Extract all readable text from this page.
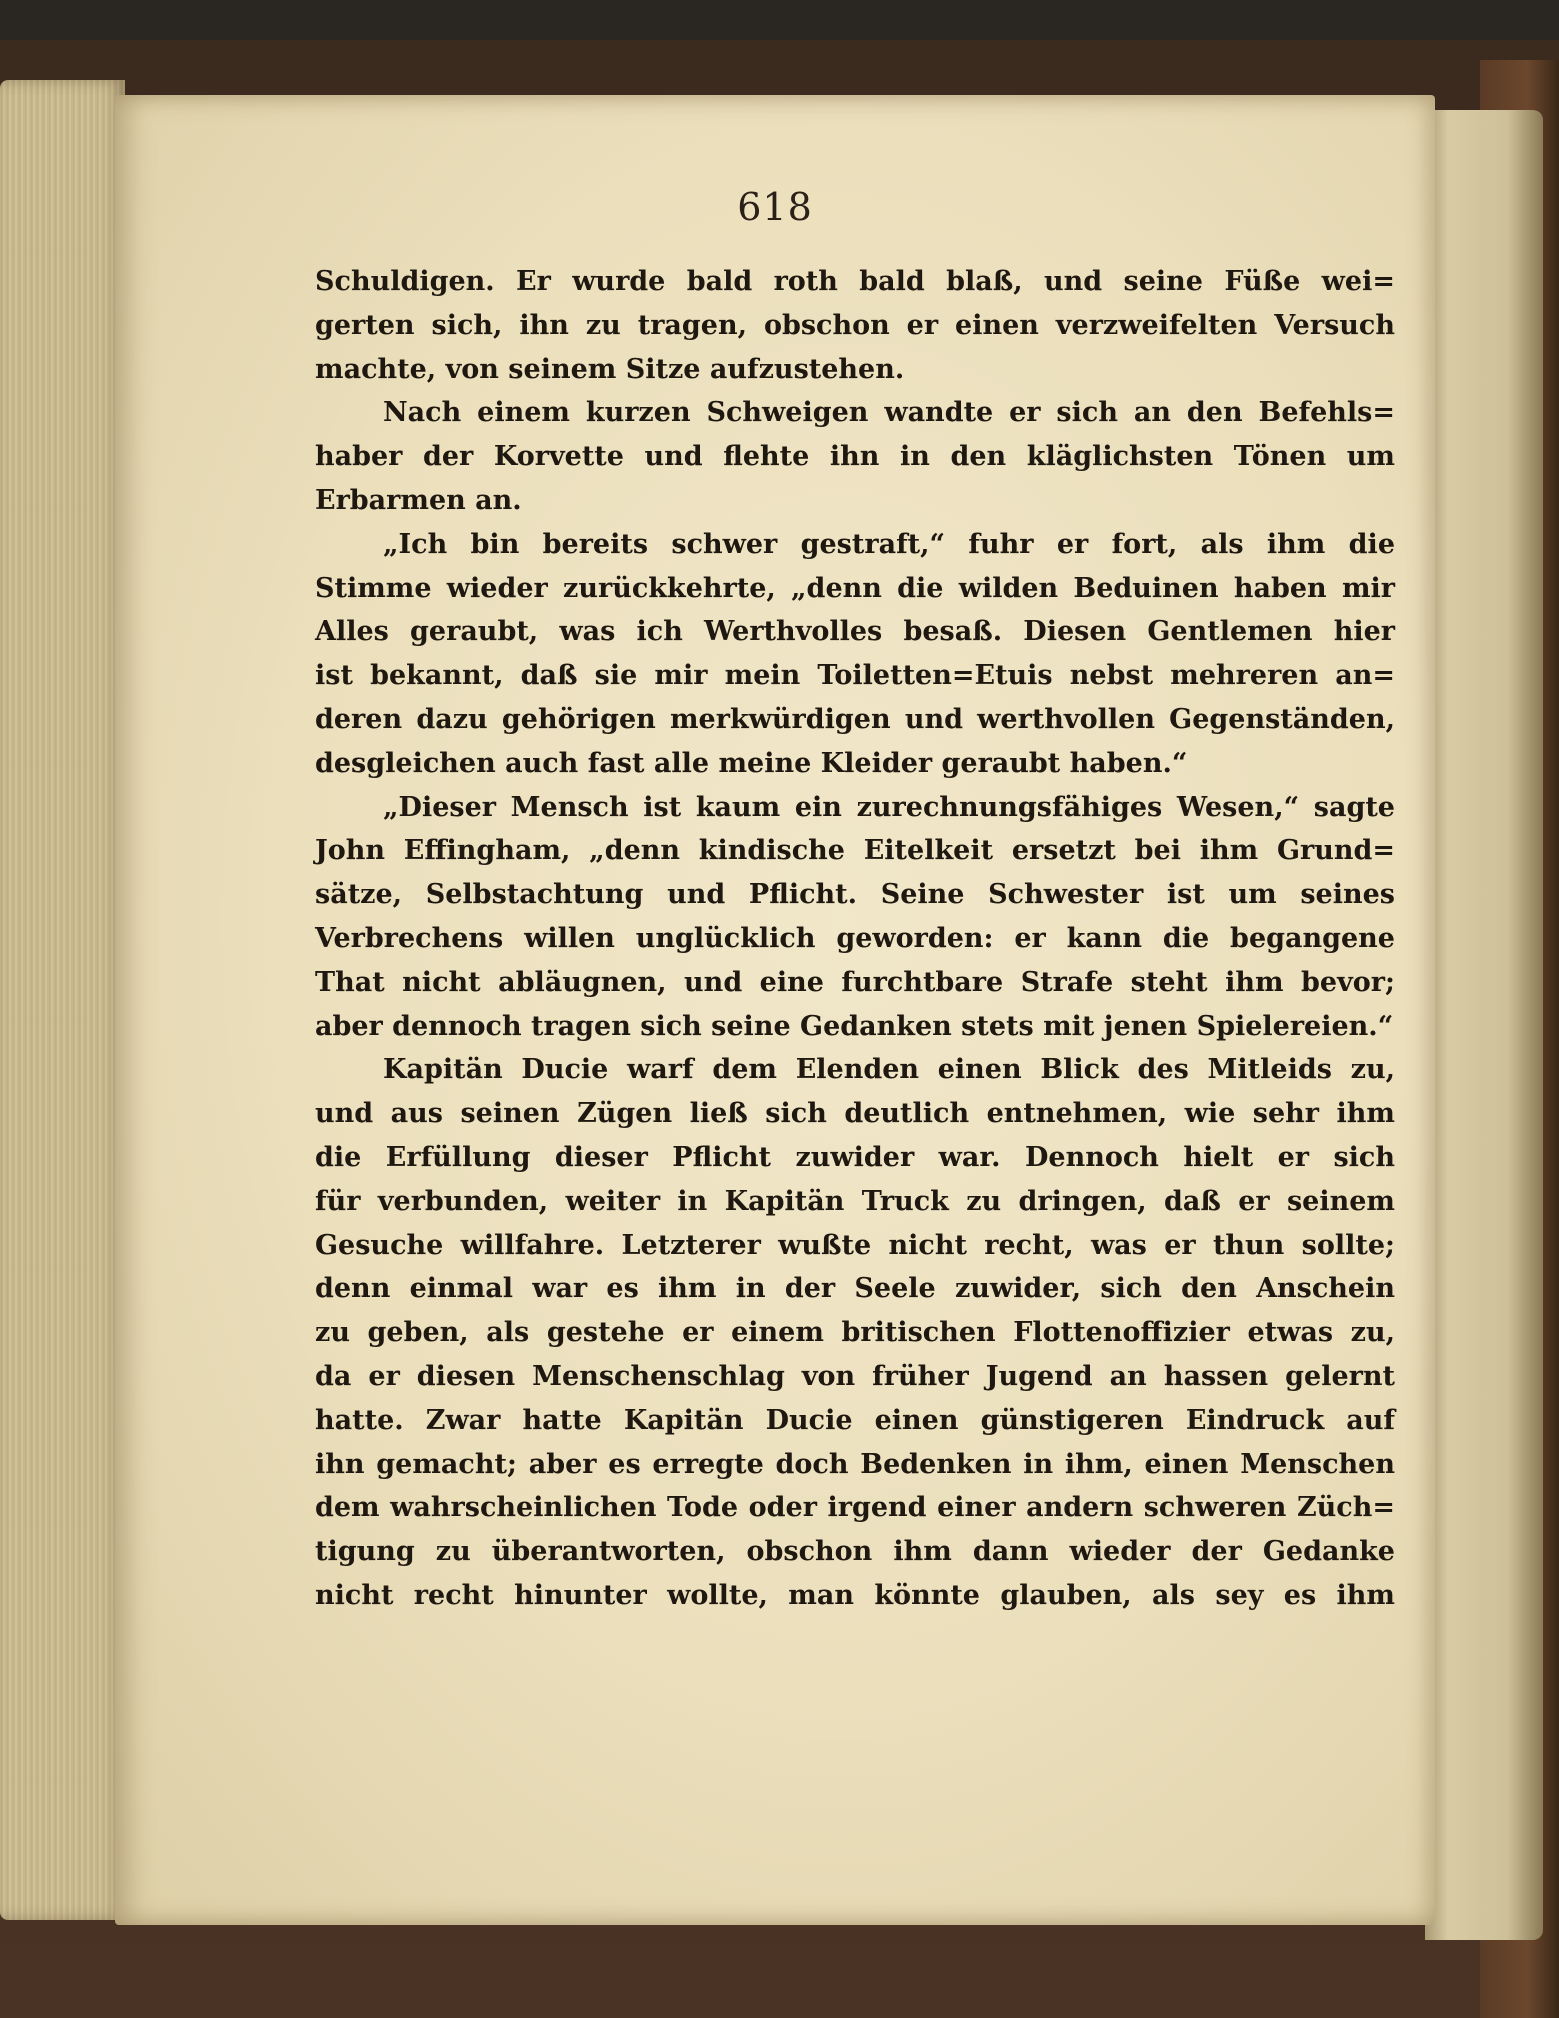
618
Schuldigen. Er wurde bald roth bald blaß, und seine Füße wei=
gerten sich, ihn zu tragen, obschon er einen verzweifelten Versuch
machte, von seinem Sitze aufzustehen.
Nach einem kurzen Schweigen wandte er sich an den Befehls=
haber der Korvette und flehte ihn in den kläglichsten Tönen um
Erbarmen an.
„Ich bin bereits schwer gestraft,“ fuhr er fort, als ihm die
Stimme wieder zurückkehrte, „denn die wilden Beduinen haben mir
Alles geraubt, was ich Werthvolles besaß. Diesen Gentlemen hier
ist bekannt, daß sie mir mein Toiletten=Etuis nebst mehreren an=
deren dazu gehörigen merkwürdigen und werthvollen Gegenständen,
desgleichen auch fast alle meine Kleider geraubt haben.“
„Dieser Mensch ist kaum ein zurechnungsfähiges Wesen,“ sagte
John Effingham, „denn kindische Eitelkeit ersetzt bei ihm Grund=
sätze, Selbstachtung und Pflicht. Seine Schwester ist um seines
Verbrechens willen unglücklich geworden: er kann die begangene
That nicht abläugnen, und eine furchtbare Strafe steht ihm bevor;
aber dennoch tragen sich seine Gedanken stets mit jenen Spielereien.“
Kapitän Ducie warf dem Elenden einen Blick des Mitleids zu,
und aus seinen Zügen ließ sich deutlich entnehmen, wie sehr ihm
die Erfüllung dieser Pflicht zuwider war. Dennoch hielt er sich
für verbunden, weiter in Kapitän Truck zu dringen, daß er seinem
Gesuche willfahre. Letzterer wußte nicht recht, was er thun sollte;
denn einmal war es ihm in der Seele zuwider, sich den Anschein
zu geben, als gestehe er einem britischen Flottenoffizier etwas zu,
da er diesen Menschenschlag von früher Jugend an hassen gelernt
hatte. Zwar hatte Kapitän Ducie einen günstigeren Eindruck auf
ihn gemacht; aber es erregte doch Bedenken in ihm, einen Menschen
dem wahrscheinlichen Tode oder irgend einer andern schweren Züch=
tigung zu überantworten, obschon ihm dann wieder der Gedanke
nicht recht hinunter wollte, man könnte glauben, als sey es ihm
